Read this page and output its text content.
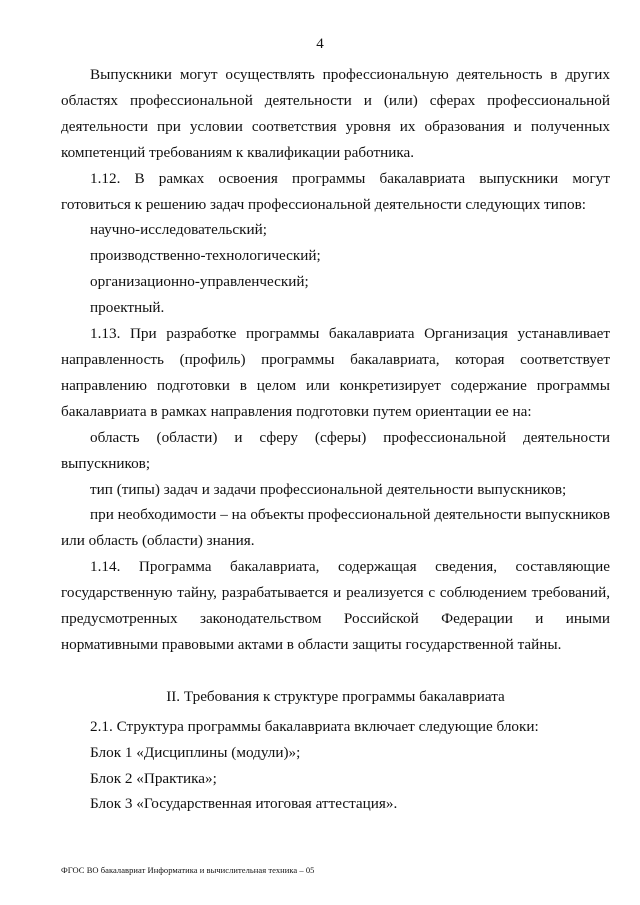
4

Выпускники могут осуществлять профессиональную деятельность в других областях профессиональной деятельности и (или) сферах профессиональной деятельности при условии соответствия уровня их образования и полученных компетенций требованиям к квалификации работника.

1.12. В рамках освоения программы бакалавриата выпускники могут готовиться к решению задач профессиональной деятельности следующих типов:

научно-исследовательский;

производственно-технологический;

организационно-управленческий;

проектный.

1.13. При разработке программы бакалавриата Организация устанавливает направленность (профиль) программы бакалавриата, которая соответствует направлению подготовки в целом или конкретизирует содержание программы бакалавриата в рамках направления подготовки путем ориентации ее на:

область (области) и сферу (сферы) профессиональной деятельности выпускников;

тип (типы) задач и задачи профессиональной деятельности выпускников;

при необходимости – на объекты профессиональной деятельности выпускников или область (области) знания.

1.14. Программа бакалавриата, содержащая сведения, составляющие государственную тайну, разрабатывается и реализуется с соблюдением требований, предусмотренных законодательством Российской Федерации и иными нормативными правовыми актами в области защиты государственной тайны.

II. Требования к структуре программы бакалавриата

2.1. Структура программы бакалавриата включает следующие блоки:

Блок 1 «Дисциплины (модули)»;

Блок 2 «Практика»;

Блок 3 «Государственная итоговая аттестация».

ФГОС ВО бакалавриат Информатика и вычислительная техника – 05
